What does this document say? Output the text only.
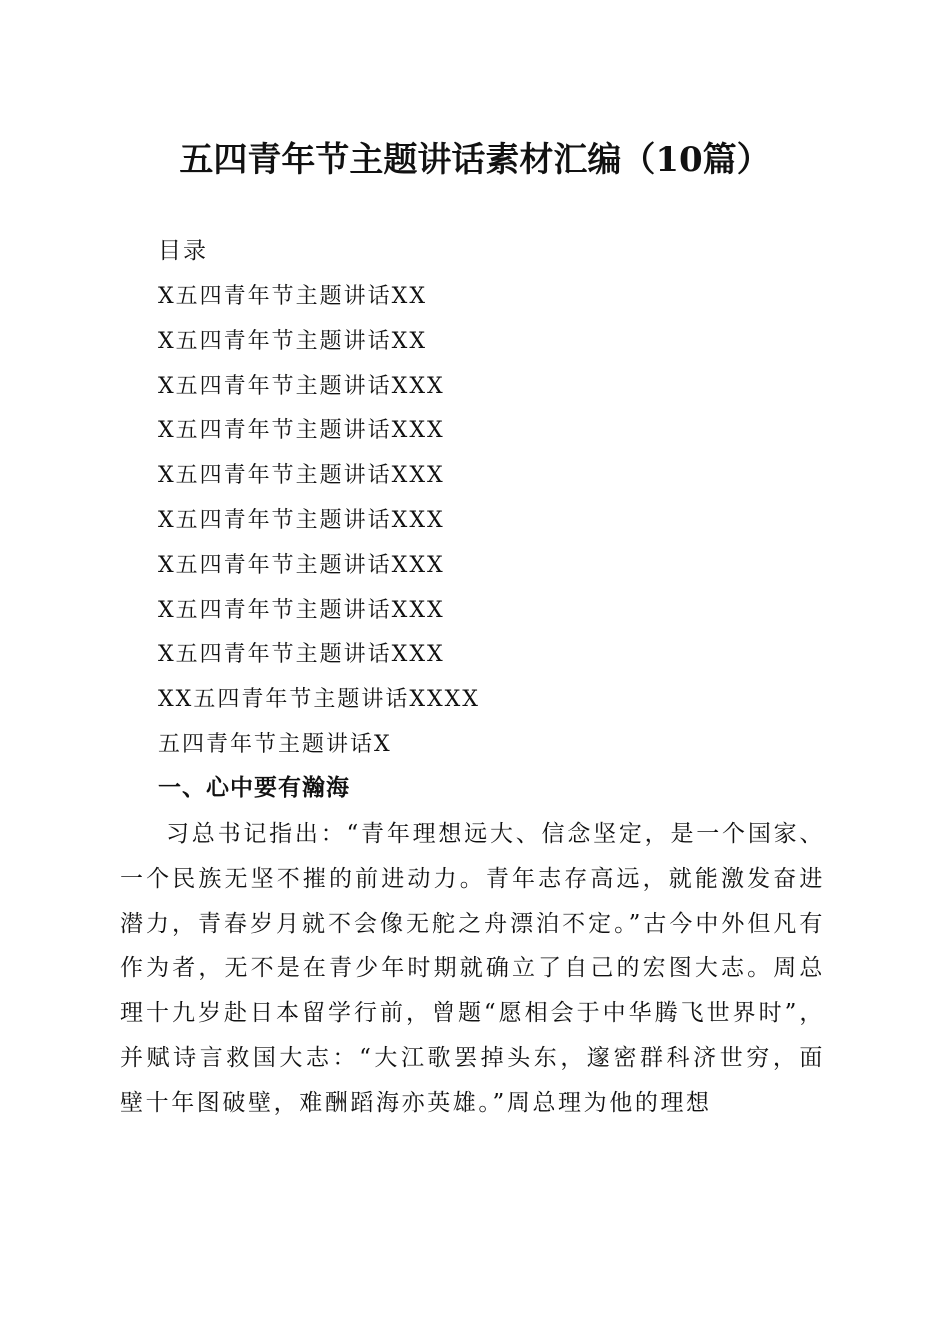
五四青年节主题讲话素材汇编（10篇）
目录
X五四青年节主题讲话XX
X五四青年节主题讲话XX
X五四青年节主题讲话XXX
X五四青年节主题讲话XXX
X五四青年节主题讲话XXX
X五四青年节主题讲话XXX
X五四青年节主题讲话XXX
X五四青年节主题讲话XXX
X五四青年节主题讲话XXX
XX五四青年节主题讲话XXXX
五四青年节主题讲话X
一、心中要有瀚海

习总书记指出：“青年理想远大、信念坚定，是一个国家、一个民族无坚不摧的前进动力。青年志存高远，就能激发奋进潜力，青春岁月就不会像无舵之舟漂泊不定。”古今中外但凡有作为者，无不是在青少年时期就确立了自己的宏图大志。周总理十九岁赴日本留学行前，曾题“愿相会于中华腾飞世界时”，并赋诗言救国大志：“大江歌罢掉头东，邃密群科济世穷，面壁十年图破壁，难酬蹈海亦英雄。”周总理为他的理想
